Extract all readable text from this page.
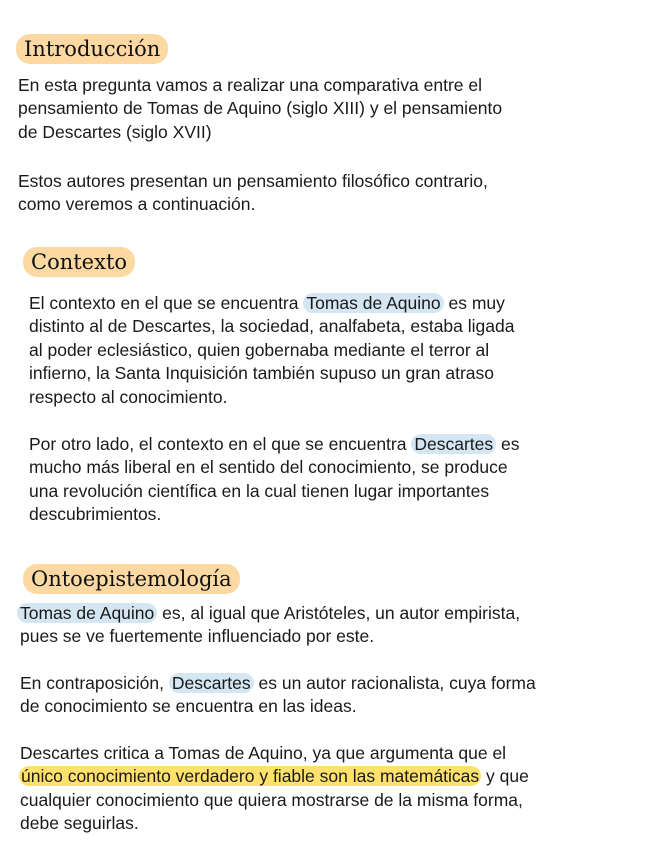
Introducción
En esta pregunta vamos a realizar una comparativa entre el
pensamiento de Tomas de Aquino (siglo XIII) y el pensamiento
de Descartes (siglo XVII)
Estos autores presentan un pensamiento filosófico contrario,
como veremos a continuación.
Contexto
El contexto en el que se encuentra Tomas de Aquino es muy
distinto al de Descartes, la sociedad, analfabeta, estaba ligada
al poder eclesiástico, quien gobernaba mediante el terror al
infierno, la Santa Inquisición también supuso un gran atraso
respecto al conocimiento.
Por otro lado, el contexto en el que se encuentra Descartes es
mucho más liberal en el sentido del conocimiento, se produce
una revolución científica en la cual tienen lugar importantes
descubrimientos.
Ontoepistemología
Tomas de Aquino es, al igual que Aristóteles, un autor empirista,
pues se ve fuertemente influenciado por este.
En contraposición, Descartes es un autor racionalista, cuya forma
de conocimiento se encuentra en las ideas.
Descartes critica a Tomas de Aquino, ya que argumenta que el
único conocimiento verdadero y fiable son las matemáticas y que
cualquier conocimiento que quiera mostrarse de la misma forma,
debe seguirlas.
